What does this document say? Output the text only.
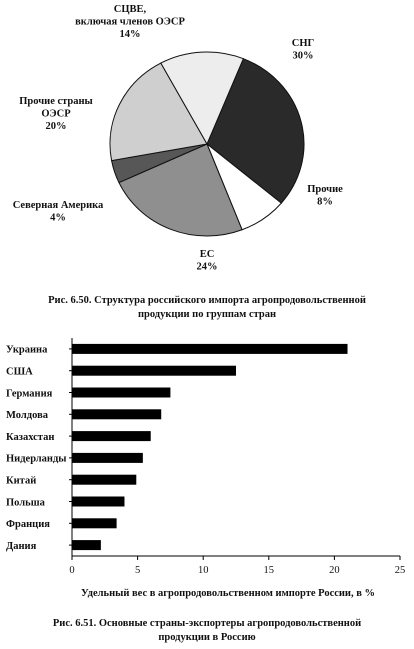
СНГ 30%
Прочие 8%
ЕС 24%
Северная Америка 4%
Прочие страны ОЭСР 20%
СЦВЕ, включая членов ОЭСР 14%
Рис. 6.50. Структура российского импорта агропродовольственной
продукции по группам стран
0	5	10	15	20	25
Украина
США
Германия
Молдова
Казахстан
Нидерланды
Китай
Польша
Франция
Дания
Удельный вес в агропродовольственном импорте России, в %
Рис. 6.51. Основные страны-экспортеры агропродовольственной
продукции в Россию
